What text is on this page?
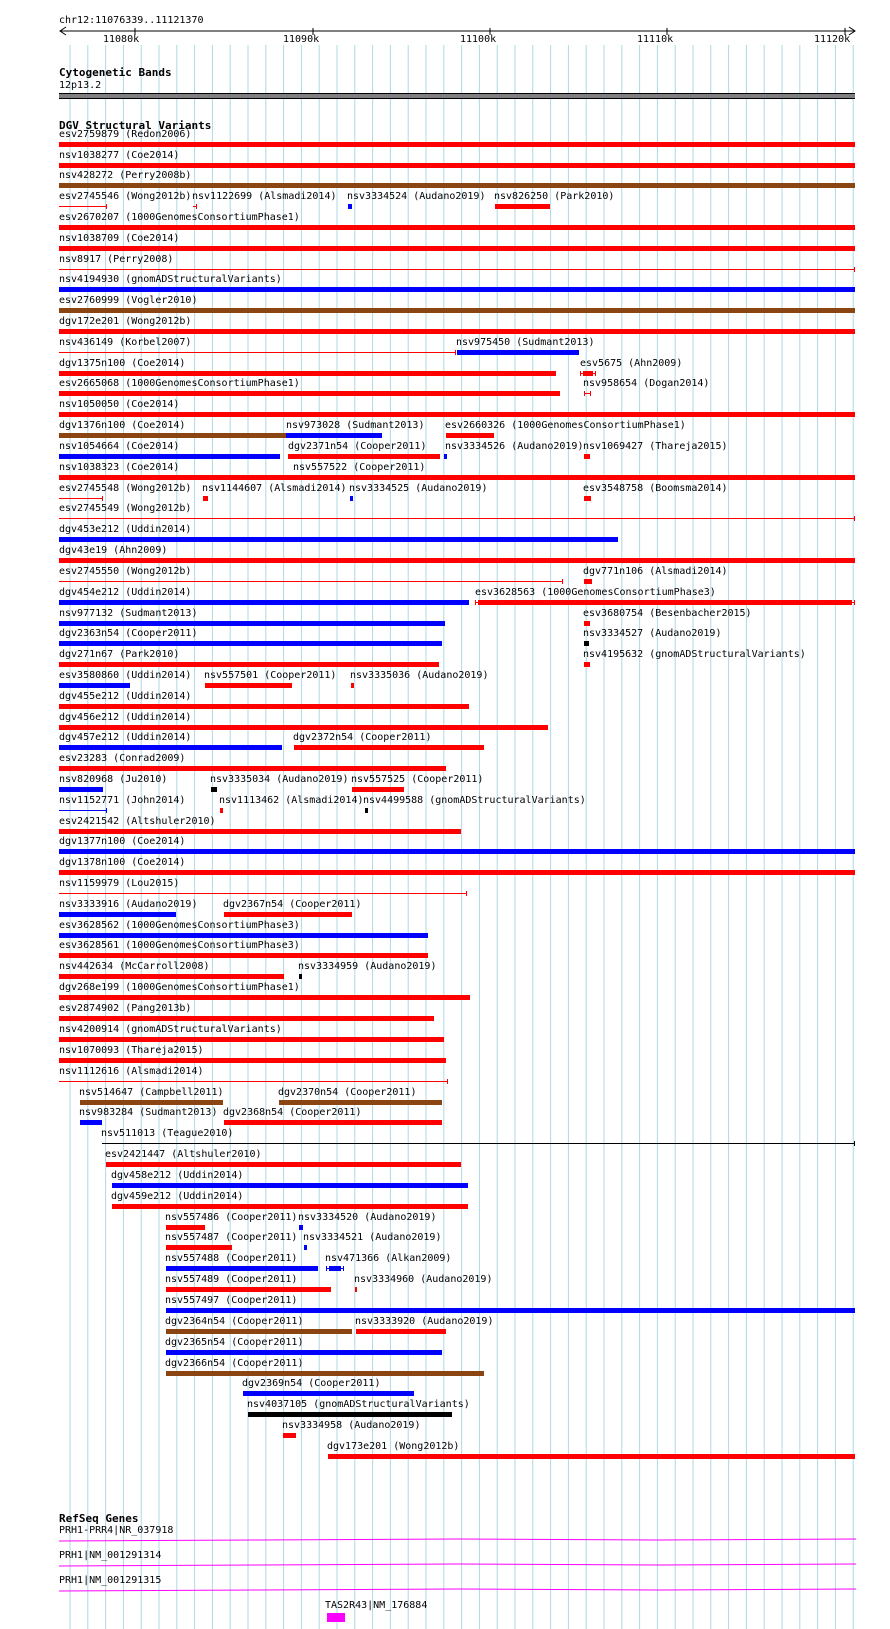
chr12:11076339..11121370
11080k	11090k	11100k	11110k	11120k
Cytogenetic Bands
12p13.2
DGV Structural Variants
esv2759879 (Redon2006)
nsv1038277 (Coe2014)
nsv428272 (Perry2008b)
esv2745546 (Wong2012b) nsv1122699 (Alsmadi2014) nsv3334524 (Audano2019) nsv826250 (Park2010)
esv2670207 (1000GenomesConsortiumPhase1)
nsv1038709 (Coe2014)
nsv8917 (Perry2008)
nsv4194930 (gnomADStructuralVariants)
esv2760999 (Vogler2010)
dgv172e201 (Wong2012b)
nsv436149 (Korbel2007)	nsv975450 (Sudmant2013)
dgv1375n100 (Coe2014)	esv5675 (Ahn2009)
esv2665068 (1000GenomesConsortiumPhase1)	nsv958654 (Dogan2014)
nsv1050050 (Coe2014)
dgv1376n100 (Coe2014)	nsv973028 (Sudmant2013) esv2660326 (1000GenomesConsortiumPhase1)
nsv1054664 (Coe2014)	dgv2371n54 (Cooper2011) nsv3334526 (Audano2019) nsv1069427 (Thareja2015)
nsv1038323 (Coe2014)	nsv557522 (Cooper2011)
esv2745548 (Wong2012b) nsv1144607 (Alsmadi2014) nsv3334525 (Audano2019)	esv3548758 (Boomsma2014)
esv2745549 (Wong2012b)
dgv453e212 (Uddin2014)
dgv43e19 (Ahn2009)
esv2745550 (Wong2012b)	dgv771n106 (Alsmadi2014)
dgv454e212 (Uddin2014)	esv3628563 (1000GenomesConsortiumPhase3)
nsv977132 (Sudmant2013)	esv3680754 (Besenbacher2015)
dgv2363n54 (Cooper2011)	nsv3334527 (Audano2019)
dgv271n67 (Park2010)	nsv4195632 (gnomADStructuralVariants)
esv3580860 (Uddin2014) nsv557501 (Cooper2011) nsv3335036 (Audano2019)
dgv455e212 (Uddin2014)
dgv456e212 (Uddin2014)
dgv457e212 (Uddin2014)	dgv2372n54 (Cooper2011)
esv23283 (Conrad2009)
nsv820968 (Ju2010)	nsv3335034 (Audano2019) nsv557525 (Cooper2011)
nsv1152771 (John2014)	nsv1113462 (Alsmadi2014) nsv4499588 (gnomADStructuralVariants)
esv2421542 (Altshuler2010)
dgv1377n100 (Coe2014)
dgv1378n100 (Coe2014)
nsv1159979 (Lou2015)
nsv3333916 (Audano2019)	dgv2367n54 (Cooper2011)
esv3628562 (1000GenomesConsortiumPhase3)
esv3628561 (1000GenomesConsortiumPhase3)
nsv442634 (McCarroll2008)	nsv3334959 (Audano2019)
dgv268e199 (1000GenomesConsortiumPhase1)
esv2874902 (Pang2013b)
nsv4200914 (gnomADStructuralVariants)
nsv1070093 (Thareja2015)
nsv1112616 (Alsmadi2014)
nsv514647 (Campbell2011)	dgv2370n54 (Cooper2011)
nsv983284 (Sudmant2013) dgv2368n54 (Cooper2011)
nsv511013 (Teague2010)
esv2421447 (Altshuler2010)
dgv458e212 (Uddin2014)
dgv459e212 (Uddin2014)
nsv557486 (Cooper2011) nsv3334520 (Audano2019)
nsv557487 (Cooper2011) nsv3334521 (Audano2019)
nsv557488 (Cooper2011)	nsv471366 (Alkan2009)
nsv557489 (Cooper2011)	nsv3334960 (Audano2019)
nsv557497 (Cooper2011)
dgv2364n54 (Cooper2011)	nsv3333920 (Audano2019)
dgv2365n54 (Cooper2011)
dgv2366n54 (Cooper2011)
dgv2369n54 (Cooper2011)
nsv4037105 (gnomADStructuralVariants)
nsv3334958 (Audano2019)
dgv173e201 (Wong2012b)
RefSeq Genes
PRH1-PRR4|NR_037918
PRH1|NM_001291314
PRH1|NM_001291315
TAS2R43|NM_176884
